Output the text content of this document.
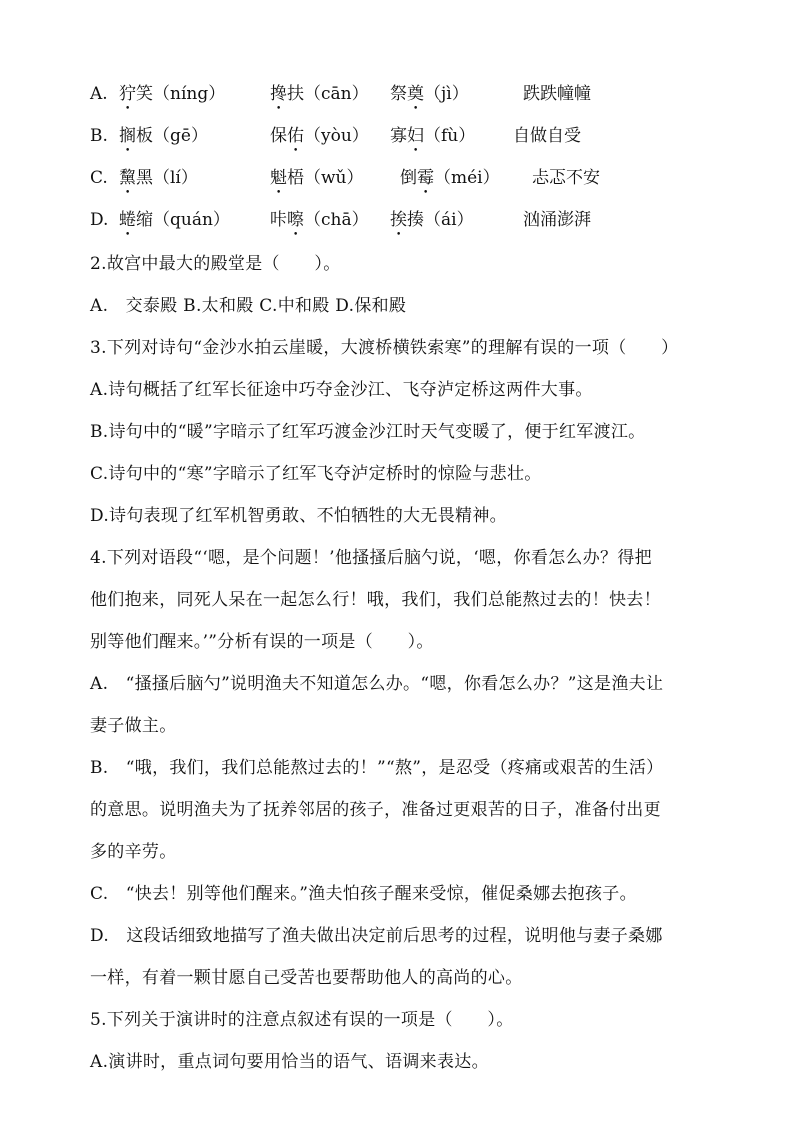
A. 狞笑（níng）	搀扶（cān） 祭奠（jì）	跌跌幢幢
B. 搁板（gē）	保佑（yòu） 寡妇（fù） 自做自受
C. 黧黑（lí）	魁梧（wǔ） 倒霉（méi） 忐忑不安
D. 蜷缩（quán） 咔嚓（chā） 挨揍（ái）	汹涌澎湃
2.故宫中最大的殿堂是（　　）。
A.　交泰殿 B.太和殿 C.中和殿 D.保和殿
3.下列对诗句“金沙水拍云崖暖，大渡桥横铁索寒”的理解有误的一项（　　）
A.诗句概括了红军长征途中巧夺金沙江、飞夺泸定桥这两件大事。
B.诗句中的“暖”字暗示了红军巧渡金沙江时天气变暖了，便于红军渡江。
C.诗句中的“寒”字暗示了红军飞夺泸定桥时的惊险与悲壮。
D.诗句表现了红军机智勇敢、不怕牺牲的大无畏精神。
4.下列对语段“‘嗯，是个问题！’他搔搔后脑勺说，‘嗯，你看怎么办？得把
他们抱来，同死人呆在一起怎么行！哦，我们，我们总能熬过去的！快去！
别等他们醒来。’”分析有误的一项是（　　）。
A.　“搔搔后脑勺”说明渔夫不知道怎么办。“嗯，你看怎么办？”这是渔夫让
妻子做主。
B.　“哦，我们，我们总能熬过去的！”“熬”，是忍受（疼痛或艰苦的生活）
的意思。说明渔夫为了抚养邻居的孩子，准备过更艰苦的日子，准备付出更
多的辛劳。
C.　“快去！别等他们醒来。”渔夫怕孩子醒来受惊，催促桑娜去抱孩子。
D.　这段话细致地描写了渔夫做出决定前后思考的过程，说明他与妻子桑娜
一样，有着一颗甘愿自己受苦也要帮助他人的高尚的心。
5.下列关于演讲时的注意点叙述有误的一项是（　　）。
A.演讲时，重点词句要用恰当的语气、语调来表达。
